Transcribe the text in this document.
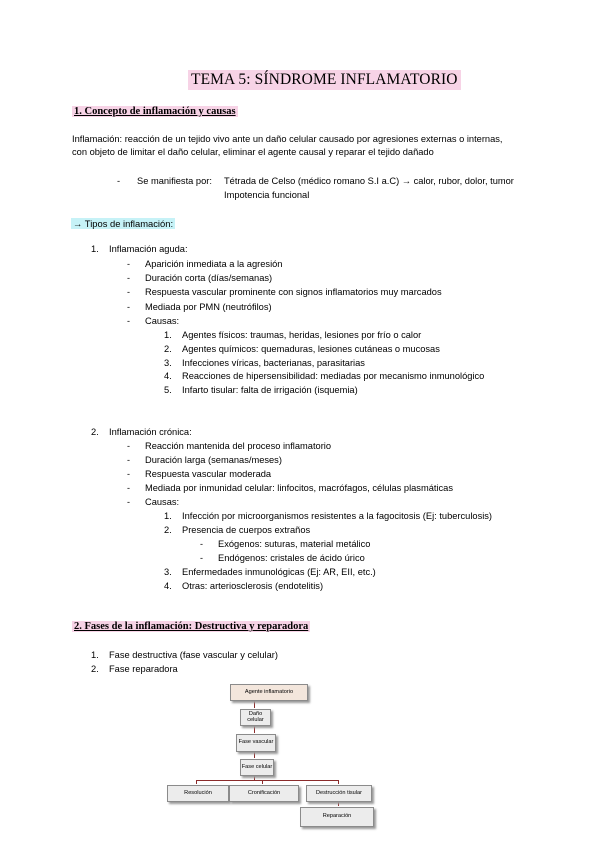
TEMA 5: SÍNDROME INFLAMATORIO
1. Concepto de inflamación y causas
Inflamación: reacción de un tejido vivo ante un daño celular causado por agresiones externas o internas,
con objeto de limitar el daño celular, eliminar el agente causal y reparar el tejido dañado
- Se manifiesta por: Tétrada de Celso (médico romano S.I a.C) → calor, rubor, dolor, tumor
Impotencia funcional
→ Tipos de inflamación:
1. Inflamación aguda:
- Aparición inmediata a la agresión
- Duración corta (días/semanas)
- Respuesta vascular prominente con signos inflamatorios muy marcados
- Mediada por PMN (neutrófilos)
- Causas:
1. Agentes físicos: traumas, heridas, lesiones por frío o calor
2. Agentes químicos: quemaduras, lesiones cutáneas o mucosas
3. Infecciones víricas, bacterianas, parasitarias
4. Reacciones de hipersensibilidad: mediadas por mecanismo inmunológico
5. Infarto tisular: falta de irrigación (isquemia)
2. Inflamación crónica:
- Reacción mantenida del proceso inflamatorio
- Duración larga (semanas/meses)
- Respuesta vascular moderada
- Mediada por inmunidad celular: linfocitos, macrófagos, células plasmáticas
- Causas:
1. Infección por microorganismos resistentes a la fagocitosis (Ej: tuberculosis)
2. Presencia de cuerpos extraños
- Exógenos: suturas, material metálico
- Endógenos: cristales de ácido úrico
3. Enfermedades inmunológicas (Ej: AR, EII, etc.)
4. Otras: arteriosclerosis (endotelitis)
2. Fases de la inflamación: Destructiva y reparadora
1. Fase destructiva (fase vascular y celular)
2. Fase reparadora
Agente inflamatorio
Daño celular
Fase vascular
Fase celular
Resolución	Cronificación	Destrucción tisular
Reparación
